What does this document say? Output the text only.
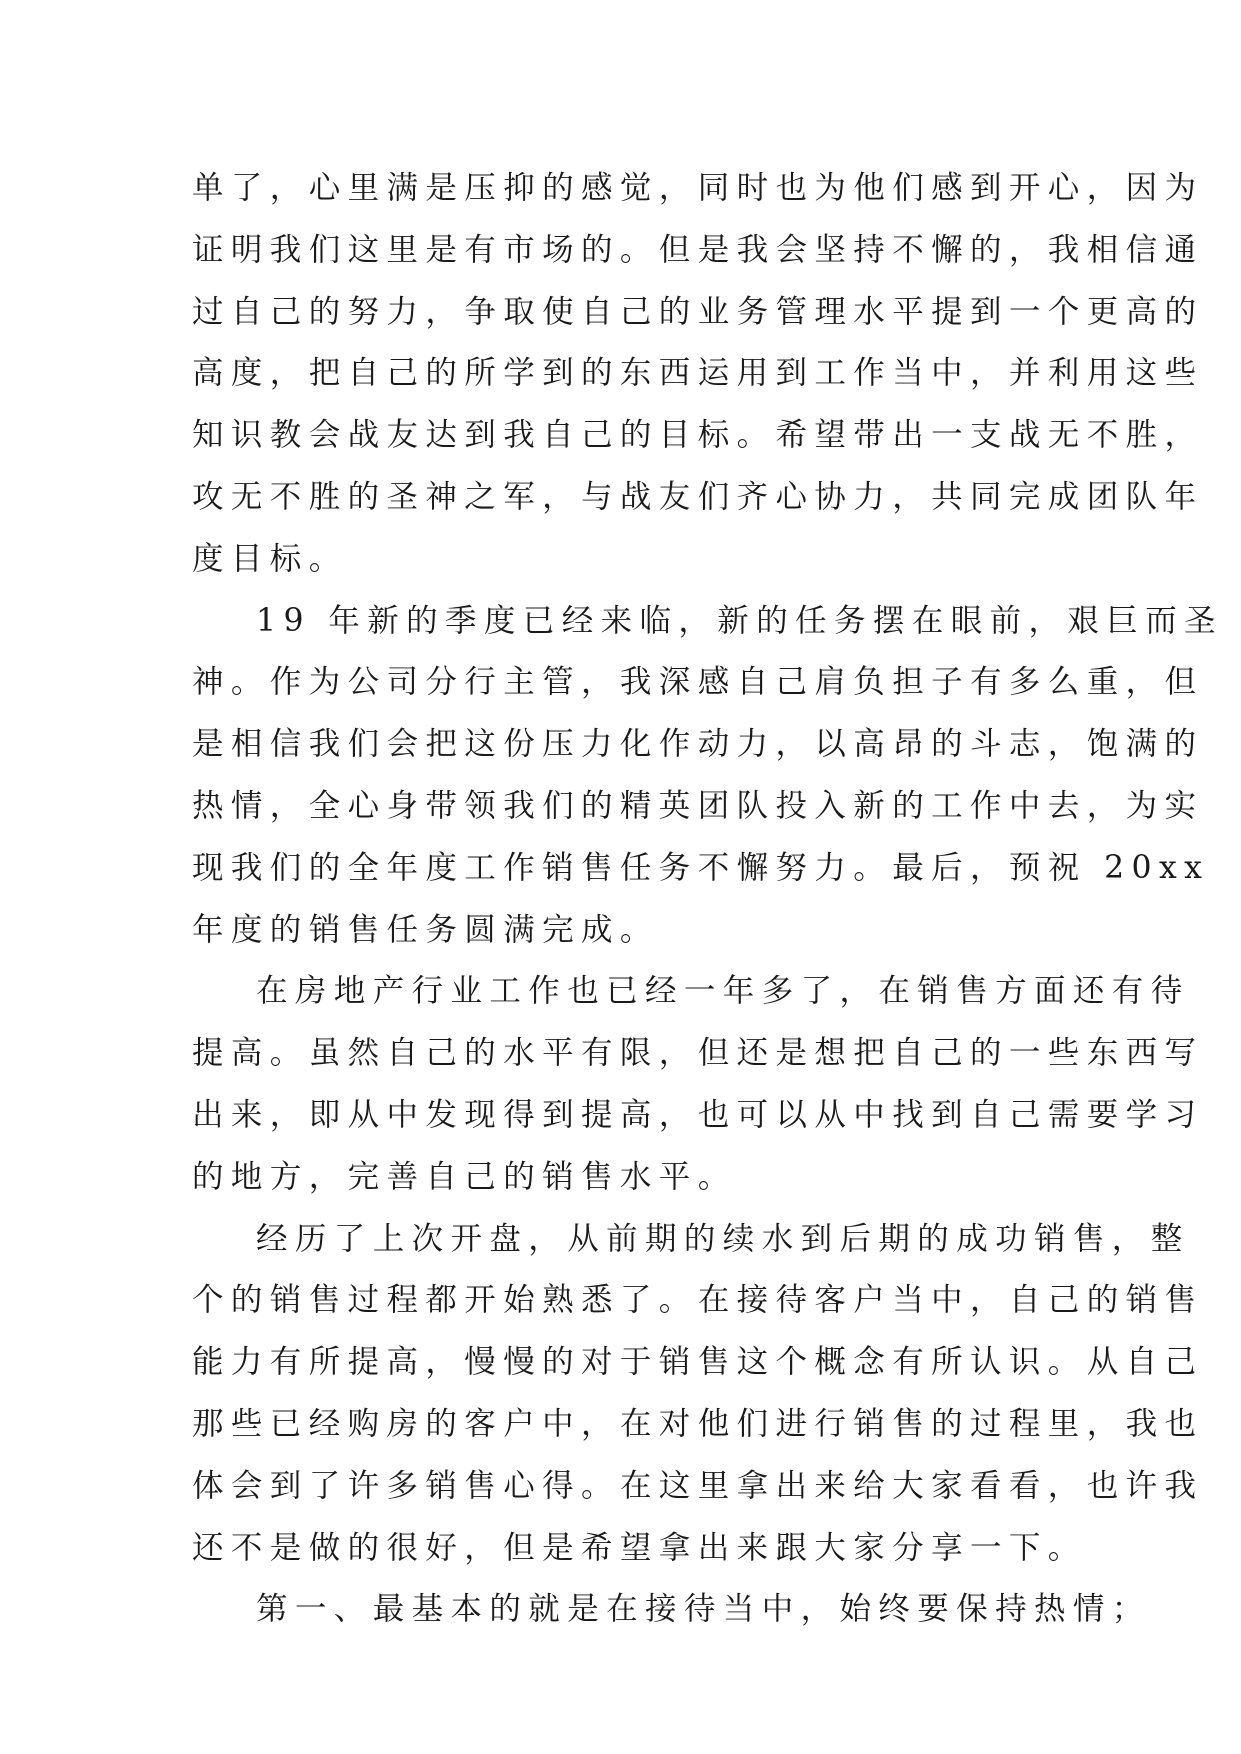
单了，心里满是压抑的感觉，同时也为他们感到开心，因为
证明我们这里是有市场的。但是我会坚持不懈的，我相信通
过自己的努力，争取使自己的业务管理水平提到一个更高的
高度，把自己的所学到的东西运用到工作当中，并利用这些
知识教会战友达到我自己的目标。希望带出一支战无不胜，
攻无不胜的圣神之军，与战友们齐心协力，共同完成团队年
度目标。
19 年新的季度已经来临，新的任务摆在眼前，艰巨而圣
神。作为公司分行主管，我深感自己肩负担子有多么重，但
是相信我们会把这份压力化作动力，以高昂的斗志，饱满的
热情，全心身带领我们的精英团队投入新的工作中去，为实
现我们的全年度工作销售任务不懈努力。最后，预祝 20xx
年度的销售任务圆满完成。
在房地产行业工作也已经一年多了，在销售方面还有待
提高。虽然自己的水平有限，但还是想把自己的一些东西写
出来，即从中发现得到提高，也可以从中找到自己需要学习
的地方，完善自己的销售水平。
经历了上次开盘，从前期的续水到后期的成功销售，整
个的销售过程都开始熟悉了。在接待客户当中，自己的销售
能力有所提高，慢慢的对于销售这个概念有所认识。从自己
那些已经购房的客户中，在对他们进行销售的过程里，我也
体会到了许多销售心得。在这里拿出来给大家看看，也许我
还不是做的很好，但是希望拿出来跟大家分享一下。
第一、最基本的就是在接待当中，始终要保持热情；
